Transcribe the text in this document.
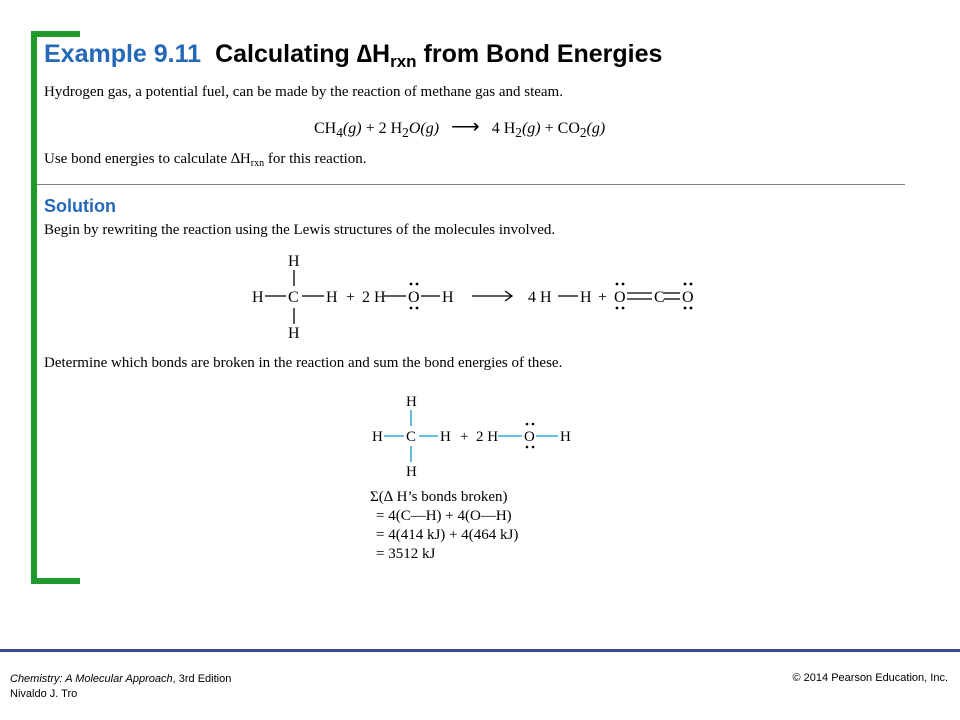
Example 9.11 Calculating $\Delta H_{rxn}$ from Bond Energies

Hydrogen gas, a potential fuel, can be made by the reaction of methane gas and steam.

$CH_4(g) + 2$ $H_2O(g)$ ⟶ 4 $H_2(g) + CO_2(g)$

Use bond energies to calculate $\Delta H_{rxn}$ for this reaction.

Solution

Begin by rewriting the reaction using the Lewis structures of the molecules involved.

H
H C H
H
+ 2 H O H	4 H H + O C O

Determine which bonds are broken in the reaction and sum the bond energies of these.

H
H C H
H
+ 2 H O H
Σ(∆ H’s bonds broken)
= 4(C—H) + 4(O—H)
= 4(414 kJ) + 4(464 kJ)
= 3512 kJ
Chemistry: A Molecular Approach, 3rd Edition
Nivaldo J. Tro
© 2014 Pearson Education, Inc.
